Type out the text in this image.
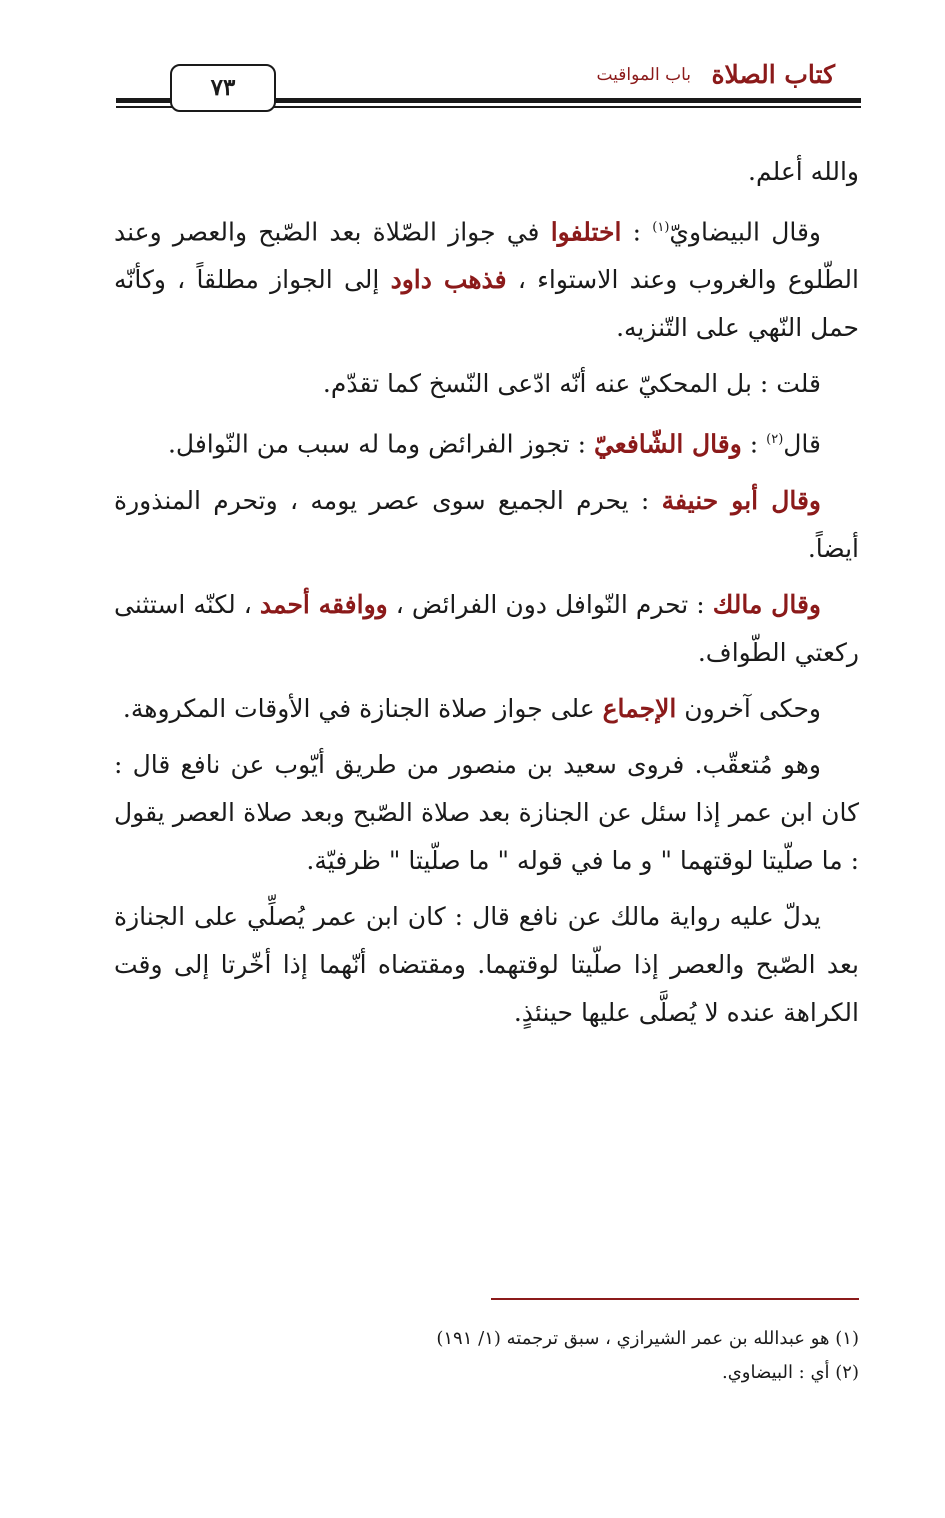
٧٣	كتاب الصلاة
باب المواقيت

والله أعلم.

وقال البيضاويّ$^{(١)}$ : اختلفوا في جواز الصّلاة بعد الصّبح والعصر وعند الطّلوع والغروب وعند الاستواء ، فذهب داود إلى الجواز مطلقاً ، وكأنّه حمل النّهي على التّنزيه.

قلت : بل المحكيّ عنه أنّه ادّعى النّسخ كما تقدّم.

قال$^{(٢)}$ : وقال الشّافعيّ : تجوز الفرائض وما له سبب من النّوافل.

وقال أبو حنيفة : يحرم الجميع سوى عصر يومه ، وتحرم المنذورة أيضاً.

وقال مالك : تحرم النّوافل دون الفرائض ، ووافقه أحمد ، لكنّه استثنى ركعتي الطّواف.

وحكى آخرون الإجماع على جواز صلاة الجنازة في الأوقات المكروهة.

وهو مُتعقّب. فروى سعيد بن منصور من طريق أيّوب عن نافع قال : كان ابن عمر إذا سئل عن الجنازة بعد صلاة الصّبح وبعد صلاة العصر يقول : ما صلّيتا لوقتهما " و ما في قوله " ما صلّيتا " ظرفيّة.

يدلّ عليه رواية مالك عن نافع قال : كان ابن عمر يُصلِّي على الجنازة بعد الصّبح والعصر إذا صلّيتا لوقتهما. ومقتضاه أنّهما إذا أخّرتا إلى وقت الكراهة عنده لا يُصلَّى عليها حينئذٍ.

(١) هو عبدالله بن عمر الشيرازي ، سبق ترجمته (١/ ١٩١)
(٢) أي : البيضاوي.
